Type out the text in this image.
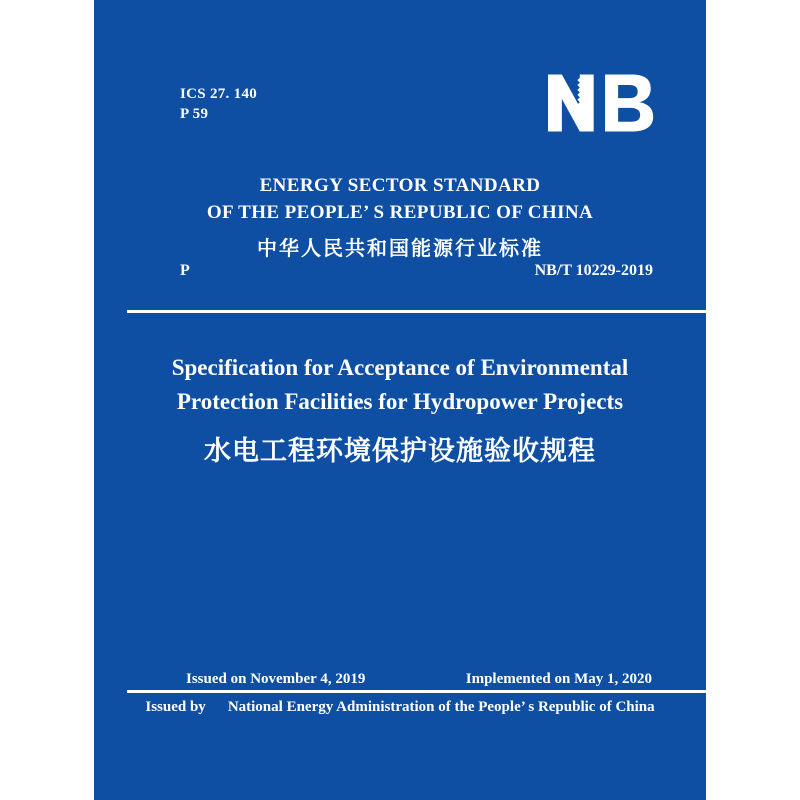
ICS 27. 140
P 59
ENERGY SECTOR STANDARD
OF THE PEOPLE’ S REPUBLIC OF CHINA
中华人民共和国能源行业标准
P	NB/T 10229-2019
Specification for Acceptance of Environmental
Protection Facilities for Hydropower Projects
水电工程环境保护设施验收规程
Issued on November 4, 2019	Implemented on May 1, 2020
Issued by National Energy Administration of the People’ s Republic of China
